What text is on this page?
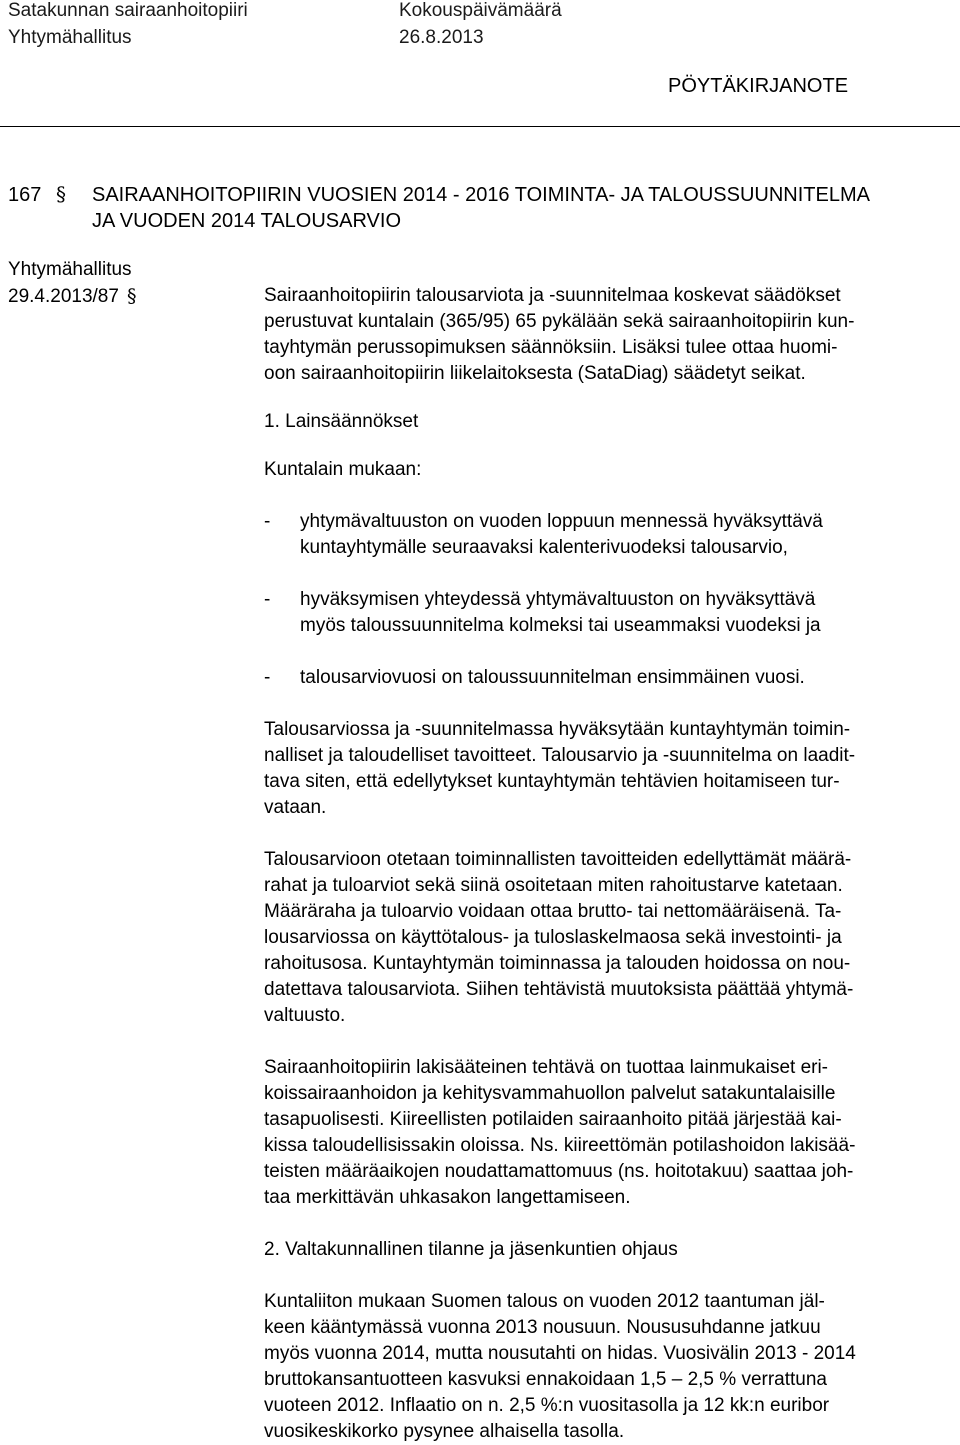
Satakunnan sairaanhoitopiiri
Yhtymähallitus
Kokouspäivämäärä
26.8.2013
PÖYTÄKIRJANOTE
167 § SAIRAANHOITOPIIRIN VUOSIEN 2014 - 2016 TOIMINTA- JA TALOUSSUUNNITELMA
JA VUODEN 2014 TALOUSARVIO
Yhtymähallitus
29.4.2013/87 §	Sairaanhoitopiirin talousarviota ja -suunnitelmaa koskevat säädökset
perustuvat kuntalain (365/95) 65 pykälään sekä sairaanhoitopiirin kun-
tayhtymän perussopimuksen säännöksiin. Lisäksi tulee ottaa huomi-
oon sairaanhoitopiirin liikelaitoksesta (SataDiag) säädetyt seikat.

1. Lainsäännökset

Kuntalain mukaan:

-	yhtymävaltuuston on vuoden loppuun mennessä hyväksyttävä
kuntayhtymälle seuraavaksi kalenterivuodeksi talousarvio,
-	hyväksymisen yhteydessä yhtymävaltuuston on hyväksyttävä
myös taloussuunnitelma kolmeksi tai useammaksi vuodeksi ja
-	talousarviovuosi on taloussuunnitelman ensimmäinen vuosi.

Talousarviossa ja -suunnitelmassa hyväksytään kuntayhtymän toimin-
nalliset ja taloudelliset tavoitteet. Talousarvio ja -suunnitelma on laadit-
tava siten, että edellytykset kuntayhtymän tehtävien hoitamiseen tur-
vataan.

Talousarvioon otetaan toiminnallisten tavoitteiden edellyttämät määrä-
rahat ja tuloarviot sekä siinä osoitetaan miten rahoitustarve katetaan.
Määräraha ja tuloarvio voidaan ottaa brutto- tai nettomääräisenä. Ta-
lousarviossa on käyttötalous- ja tuloslaskelmaosa sekä investointi- ja
rahoitusosa. Kuntayhtymän toiminnassa ja talouden hoidossa on nou-
datettava talousarviota. Siihen tehtävistä muutoksista päättää yhtymä-
valtuusto.

Sairaanhoitopiirin lakisääteinen tehtävä on tuottaa lainmukaiset eri-
koissairaanhoidon ja kehitysvammahuollon palvelut satakuntalaisille
tasapuolisesti. Kiireellisten potilaiden sairaanhoito pitää järjestää kai-
kissa taloudellisissakin oloissa. Ns. kiireettömän potilashoidon lakisää-
teisten määräaikojen noudattamattomuus (ns. hoitotakuu) saattaa joh-
taa merkittävän uhkasakon langettamiseen.

2. Valtakunnallinen tilanne ja jäsenkuntien ohjaus

Kuntaliiton mukaan Suomen talous on vuoden 2012 taantuman jäl-
keen kääntymässä vuonna 2013 nousuun. Noususuhdanne jatkuu
myös vuonna 2014, mutta nousutahti on hidas. Vuosivälin 2013 - 2014
bruttokansantuotteen kasvuksi ennakoidaan 1,5 – 2,5 % verrattuna
vuoteen 2012. Inflaatio on n. 2,5 %:n vuositasolla ja 12 kk:n euribor
vuosikeskikorko pysynee alhaisella tasolla.
